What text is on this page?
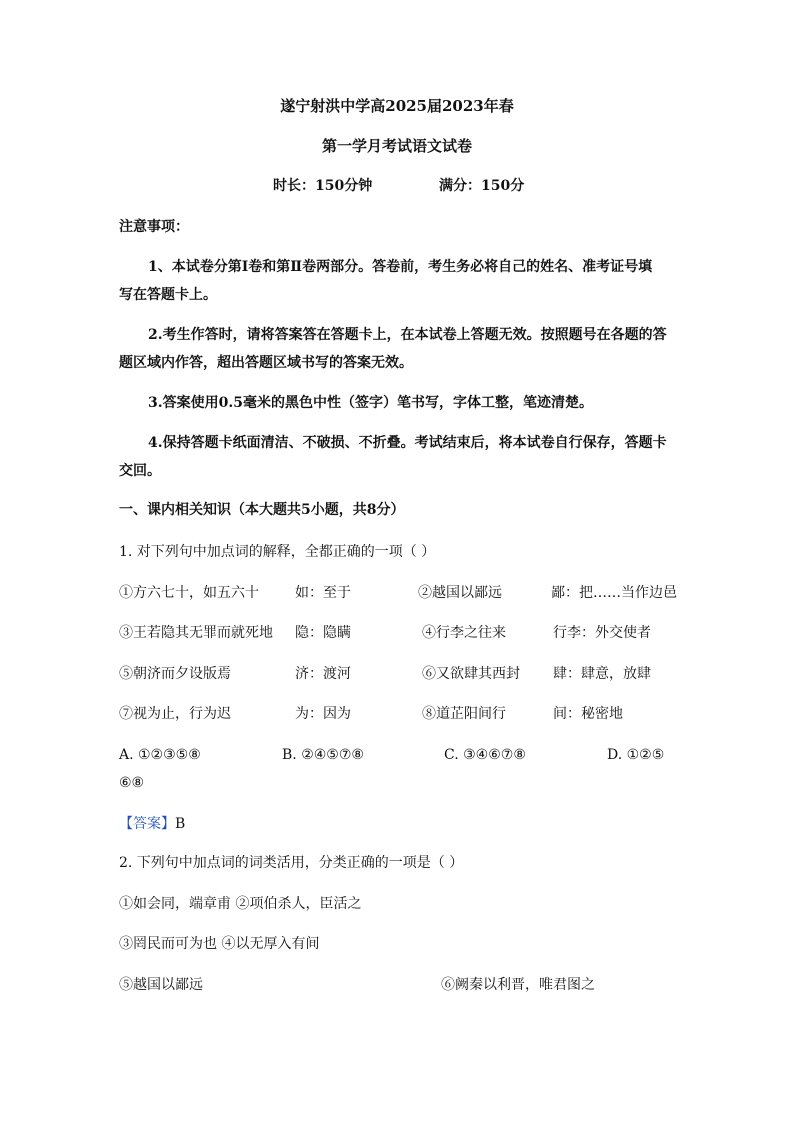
遂宁射洪中学高2025届2023年春
第一学月考试语文试卷
时长：150分钟	满分：150分
注意事项：
1、本试卷分第Ⅰ卷和第Ⅱ卷两部分。答卷前，考生务必将自己的姓名、准考证号填
写在答题卡上。
2.考生作答时，请将答案答在答题卡上，在本试卷上答题无效。按照题号在各题的答
题区域内作答，超出答题区域书写的答案无效。
3.答案使用0.5毫米的黑色中性（签字）笔书写，字体工整，笔迹清楚。
4.保持答题卡纸面清洁、不破损、不折叠。考试结束后，将本试卷自行保存，答题卡
交回。
一、课内相关知识（本大题共5小题，共8分）
1. 对下列句中加点词的解释，全都正确的一项（ ）
①方六七十，如五六十	如：至于	②越国以鄙远	鄙：把……当作边邑
③王若隐其无罪而就死地 隐：隐瞒	④行李之往来	行李：外交使者
⑤朝济而夕设版焉	济：渡河	⑥又欲肆其西封 肆：肆意，放肆
⑦视为止，行为迟	为：因为	⑧道芷阳间行	间：秘密地
A. ①②③⑤⑧	B. ②④⑤⑦⑧	C. ③④⑥⑦⑧	D. ①②⑤
⑥⑧
【答案】B
2. 下列句中加点词的词类活用，分类正确的一项是（ ）
①如会同，端章甫 ②项伯杀人，臣活之
③罔民而可为也 ④以无厚入有间
⑤越国以鄙远	⑥阙秦以利晋，唯君图之
